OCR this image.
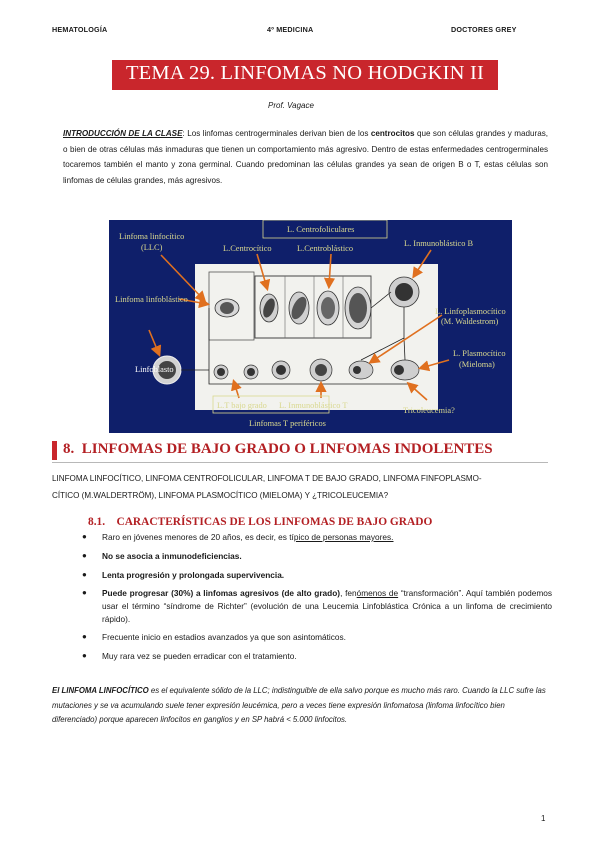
HEMATOLOGÍA	4º MEDICINA	DOCTORES GREY
TEMA 29. LINFOMAS NO HODGKIN II
Prof. Vagace
INTRODUCCIÓN DE LA CLASE: Los linfomas centrogerminales derivan bien de los centrocitos que son células grandes y maduras, o bien de otras células más inmaduras que tienen un comportamiento más agresivo. Dentro de estas enfermedades centrogerminales tocaremos también el manto y zona germinal. Cuando predominan las células grandes ya sean de origen B o T, estas células son linfomas de células grandes, más agresivos.
Linfoma linfocítico
(LLC)
Linfoma linfoblástico
Linfoblasto
L. Centrofoliculares
L.Centrocítico	L.Centroblástico
L. Inmunoblástico B
L. Linfoplasmocítico
(M. Waldestrom)
L. Plasmocítico
(Mieloma)
L.T bajo grado L. Inmunoblástico T
Linfomas T periféricos
Tricoleucemia?
8. LINFOMAS DE BAJO GRADO O LINFOMAS INDOLENTES
LINFOMA LINFOCÍTICO, LINFOMA CENTROFOLICULAR, LINFOMA T DE BAJO GRADO, LINFOMA FINFOPLASMO-
CÍTICO (M.WALDERTRÖM), LINFOMA PLASMOCÍTICO (MIELOMA) Y ¿TRICOLEUCEMIA?
8.1. CARACTERÍSTICAS DE LOS LINFOMAS DE BAJO GRADO
● Raro en jóvenes menores de 20 años, es decir, es típico de personas mayores.
● No se asocia a inmunodeficiencias.
● Lenta progresión y prolongada supervivencia.
● Puede progresar (30%) a linfomas agresivos (de alto grado), fenómenos de “transformación”. Aquí también podemos usar el término “síndrome de Richter” (evolución de una Leucemia Linfoblástica Crónica a un linfoma de crecimiento rápido).
● Frecuente inicio en estadios avanzados ya que son asintomáticos.
● Muy rara vez se pueden erradicar con el tratamiento.
El LINFOMA LINFOCÍTICO es el equivalente sólido de la LLC; indistinguible de ella salvo porque es mucho más raro. Cuando la LLC sufre las mutaciones y se va acumulando suele tener expresión leucémica, pero a veces tiene expresión linfomatosa (linfoma linfocítico bien diferenciado) porque aparecen linfocitos en ganglios y en SP habrá < 5.000 linfocitos.
1
